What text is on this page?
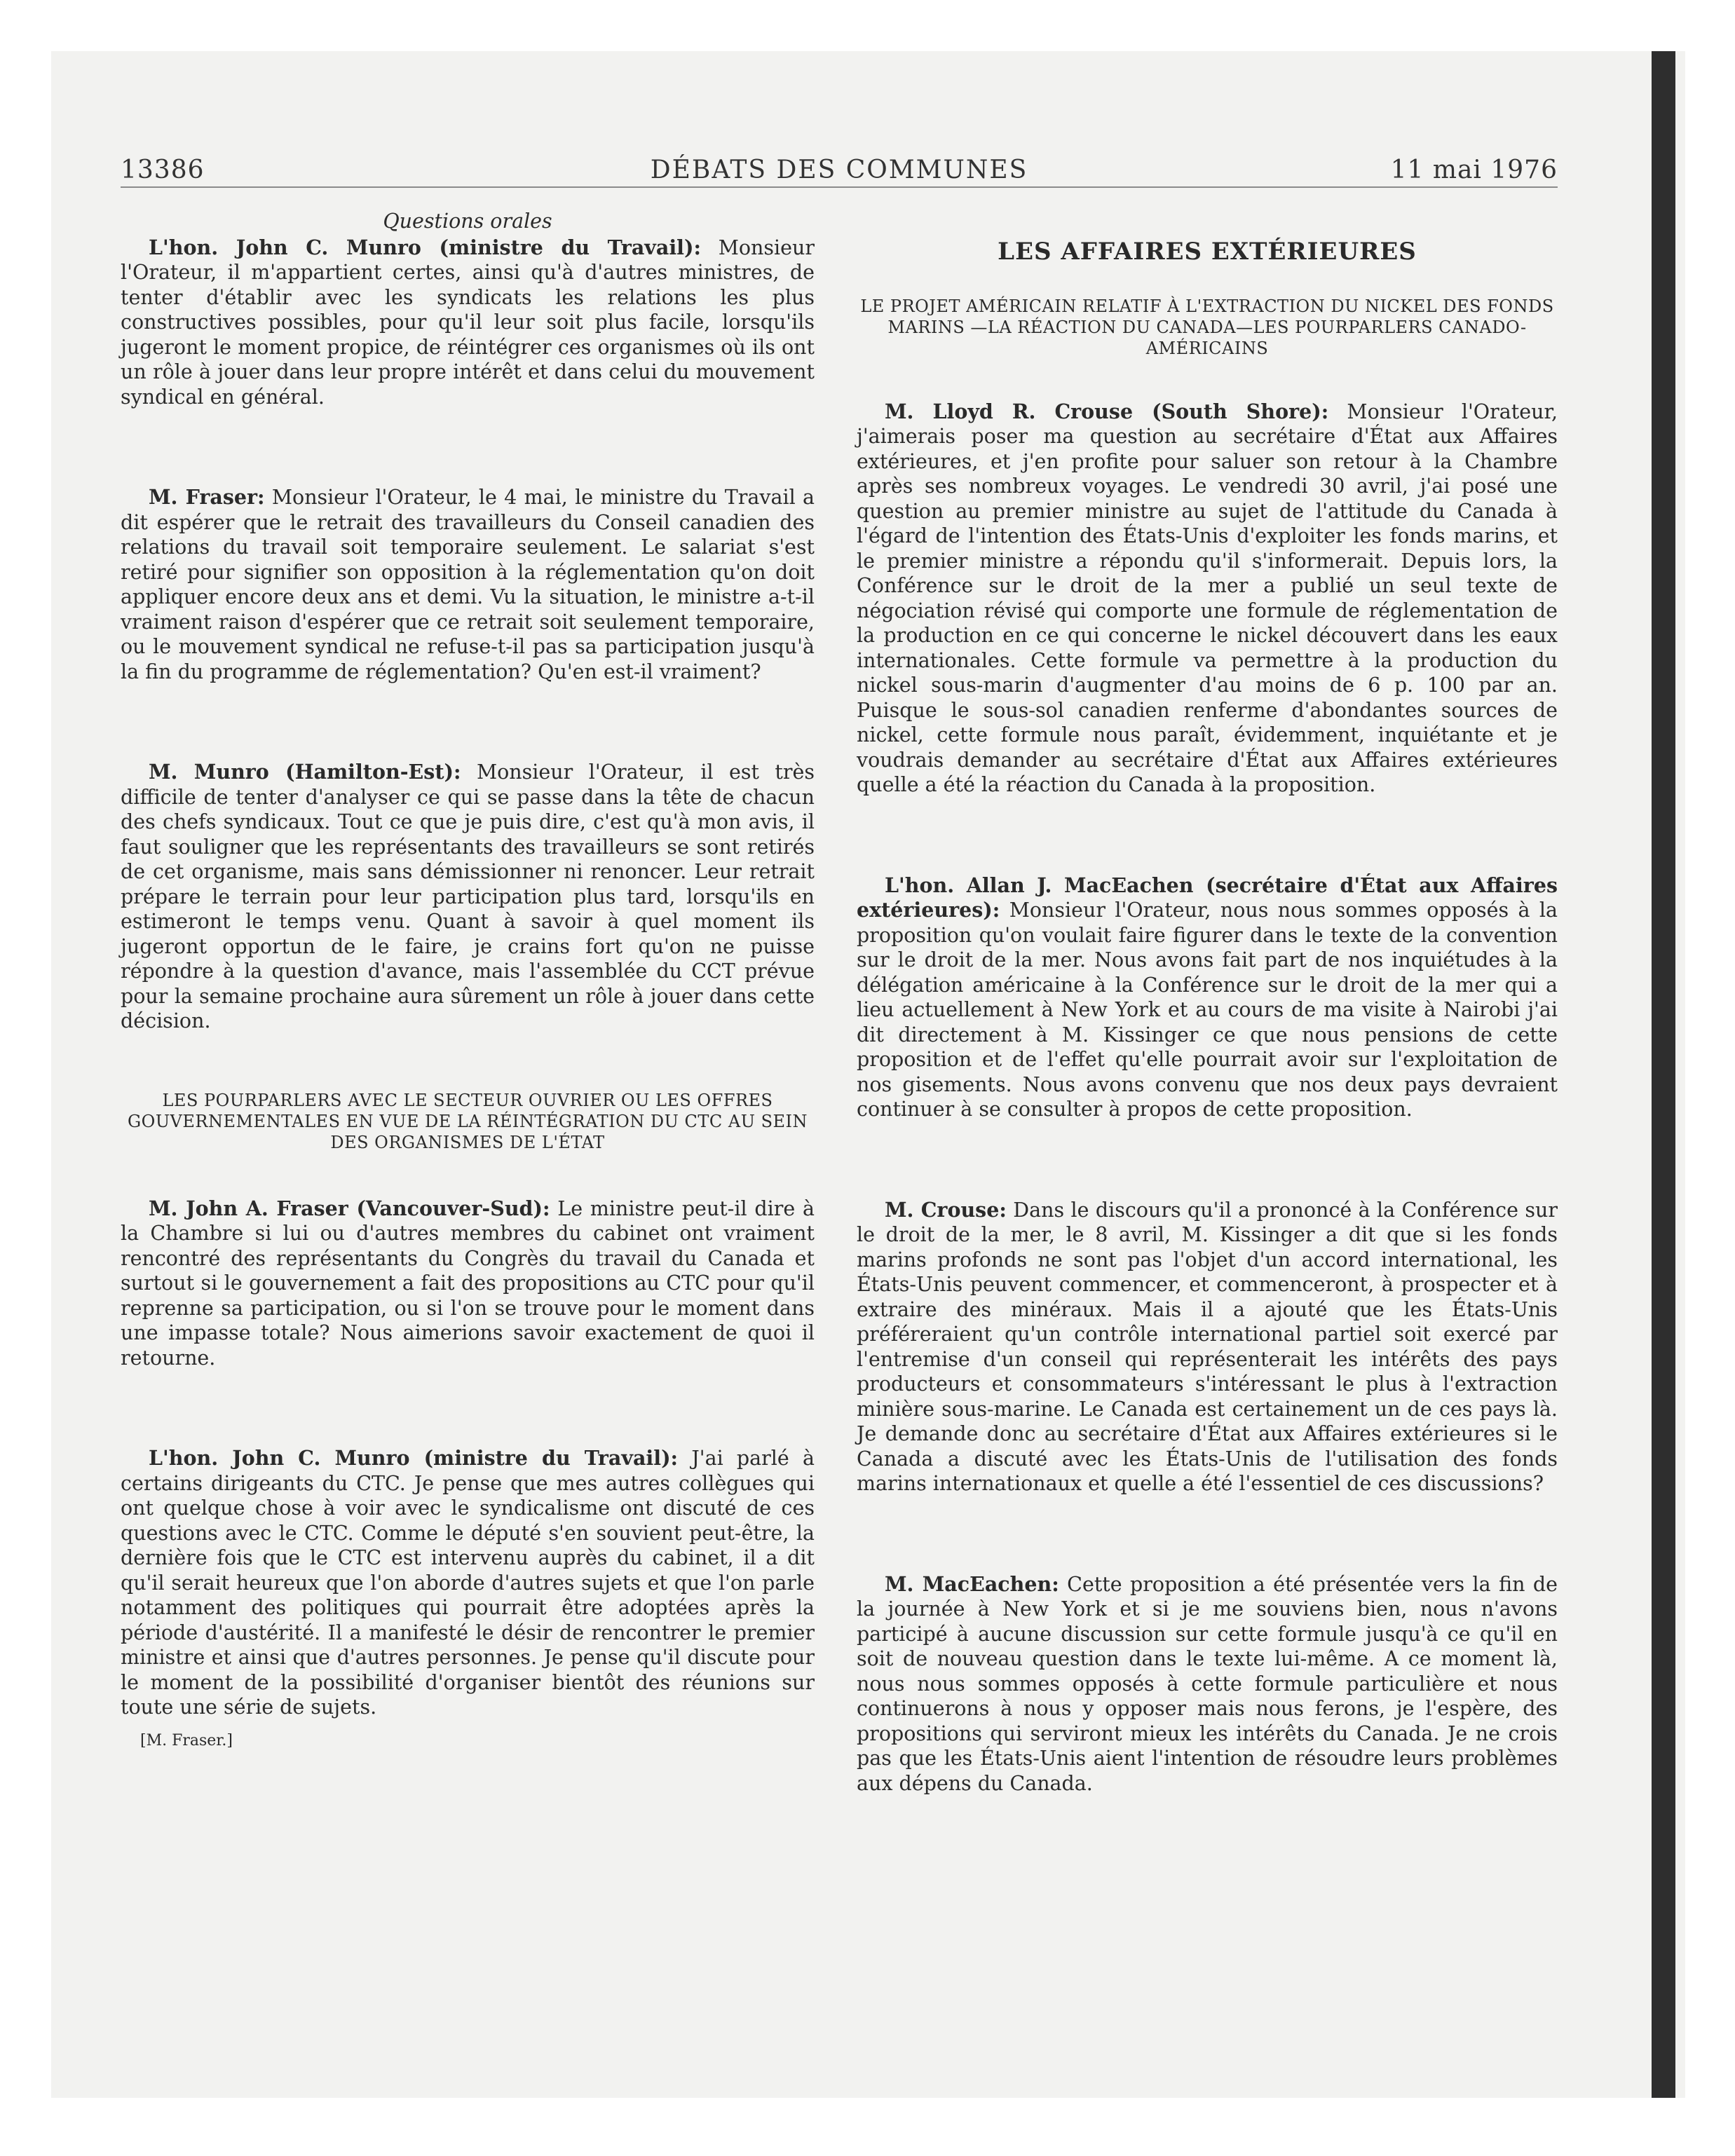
13386	DÉBATS DES COMMUNES	11 mai 1976

Questions orales

L'hon. John C. Munro (ministre du Travail): Monsieur l'Orateur, il m'appartient certes, ainsi qu'à d'autres ministres, de tenter d'établir avec les syndicats les relations les plus constructives possibles, pour qu'il leur soit plus facile, lorsqu'ils jugeront le moment propice, de réintégrer ces organismes où ils ont un rôle à jouer dans leur propre intérêt et dans celui du mouvement syndical en général.

M. Fraser: Monsieur l'Orateur, le 4 mai, le ministre du Travail a dit espérer que le retrait des travailleurs du Conseil canadien des relations du travail soit temporaire seulement. Le salariat s'est retiré pour signifier son opposition à la réglementation qu'on doit appliquer encore deux ans et demi. Vu la situation, le ministre a-t-il vraiment raison d'espérer que ce retrait soit seulement temporaire, ou le mouvement syndical ne refuse-t-il pas sa participation jusqu'à la fin du programme de réglementation? Qu'en est-il vraiment?

M. Munro (Hamilton-Est): Monsieur l'Orateur, il est très difficile de tenter d'analyser ce qui se passe dans la tête de chacun des chefs syndicaux. Tout ce que je puis dire, c'est qu'à mon avis, il faut souligner que les représentants des travailleurs se sont retirés de cet organisme, mais sans démissionner ni renoncer. Leur retrait prépare le terrain pour leur participation plus tard, lorsqu'ils en estimeront le temps venu. Quant à savoir à quel moment ils jugeront opportun de le faire, je crains fort qu'on ne puisse répondre à la question d'avance, mais l'assemblée du CCT prévue pour la semaine prochaine aura sûrement un rôle à jouer dans cette décision.

LES POURPARLERS AVEC LE SECTEUR OUVRIER OU LES OFFRES GOUVERNEMENTALES EN VUE DE LA RÉINTÉGRATION DU CTC AU SEIN DES ORGANISMES DE L'ÉTAT

M. John A. Fraser (Vancouver-Sud): Le ministre peut-il dire à la Chambre si lui ou d'autres membres du cabinet ont vraiment rencontré des représentants du Congrès du travail du Canada et surtout si le gouvernement a fait des propositions au CTC pour qu'il reprenne sa participation, ou si l'on se trouve pour le moment dans une impasse totale? Nous aimerions savoir exactement de quoi il retourne.

L'hon. John C. Munro (ministre du Travail): J'ai parlé à certains dirigeants du CTC. Je pense que mes autres collègues qui ont quelque chose à voir avec le syndicalisme ont discuté de ces questions avec le CTC. Comme le député s'en souvient peut-être, la dernière fois que le CTC est intervenu auprès du cabinet, il a dit qu'il serait heureux que l'on aborde d'autres sujets et que l'on parle notamment des politiques qui pourrait être adoptées après la période d'austérité. Il a manifesté le désir de rencontrer le premier ministre et ainsi que d'autres personnes. Je pense qu'il discute pour le moment de la possibilité d'organiser bientôt des réunions sur toute une série de sujets.

[M. Fraser.]

LES AFFAIRES EXTÉRIEURES

LE PROJET AMÉRICAIN RELATIF À L'EXTRACTION DU NICKEL DES FONDS MARINS —LA RÉACTION DU CANADA—LES POURPARLERS CANADO-AMÉRICAINS

M. Lloyd R. Crouse (South Shore): Monsieur l'Orateur, j'aimerais poser ma question au secrétaire d'État aux Affaires extérieures, et j'en profite pour saluer son retour à la Chambre après ses nombreux voyages. Le vendredi 30 avril, j'ai posé une question au premier ministre au sujet de l'attitude du Canada à l'égard de l'intention des États-Unis d'exploiter les fonds marins, et le premier ministre a répondu qu'il s'informerait. Depuis lors, la Conférence sur le droit de la mer a publié un seul texte de négociation révisé qui comporte une formule de réglementation de la production en ce qui concerne le nickel découvert dans les eaux internationales. Cette formule va permettre à la production du nickel sous-marin d'augmenter d'au moins de 6 p. 100 par an. Puisque le sous-sol canadien renferme d'abondantes sources de nickel, cette formule nous paraît, évidemment, inquiétante et je voudrais demander au secrétaire d'État aux Affaires extérieures quelle a été la réaction du Canada à la proposition.

L'hon. Allan J. MacEachen (secrétaire d'État aux Affaires extérieures): Monsieur l'Orateur, nous nous sommes opposés à la proposition qu'on voulait faire figurer dans le texte de la convention sur le droit de la mer. Nous avons fait part de nos inquiétudes à la délégation américaine à la Conférence sur le droit de la mer qui a lieu actuellement à New York et au cours de ma visite à Nairobi j'ai dit directement à M. Kissinger ce que nous pensions de cette proposition et de l'effet qu'elle pourrait avoir sur l'exploitation de nos gisements. Nous avons convenu que nos deux pays devraient continuer à se consulter à propos de cette proposition.

M. Crouse: Dans le discours qu'il a prononcé à la Conférence sur le droit de la mer, le 8 avril, M. Kissinger a dit que si les fonds marins profonds ne sont pas l'objet d'un accord international, les États-Unis peuvent commencer, et commenceront, à prospecter et à extraire des minéraux. Mais il a ajouté que les États-Unis préféreraient qu'un contrôle international partiel soit exercé par l'entremise d'un conseil qui représenterait les intérêts des pays producteurs et consommateurs s'intéressant le plus à l'extraction minière sous-marine. Le Canada est certainement un de ces pays là. Je demande donc au secrétaire d'État aux Affaires extérieures si le Canada a discuté avec les États-Unis de l'utilisation des fonds marins internationaux et quelle a été l'essentiel de ces discussions?

M. MacEachen: Cette proposition a été présentée vers la fin de la journée à New York et si je me souviens bien, nous n'avons participé à aucune discussion sur cette formule jusqu'à ce qu'il en soit de nouveau question dans le texte lui-même. A ce moment là, nous nous sommes opposés à cette formule particulière et nous continuerons à nous y opposer mais nous ferons, je l'espère, des propositions qui serviront mieux les intérêts du Canada. Je ne crois pas que les États-Unis aient l'intention de résoudre leurs problèmes aux dépens du Canada.
